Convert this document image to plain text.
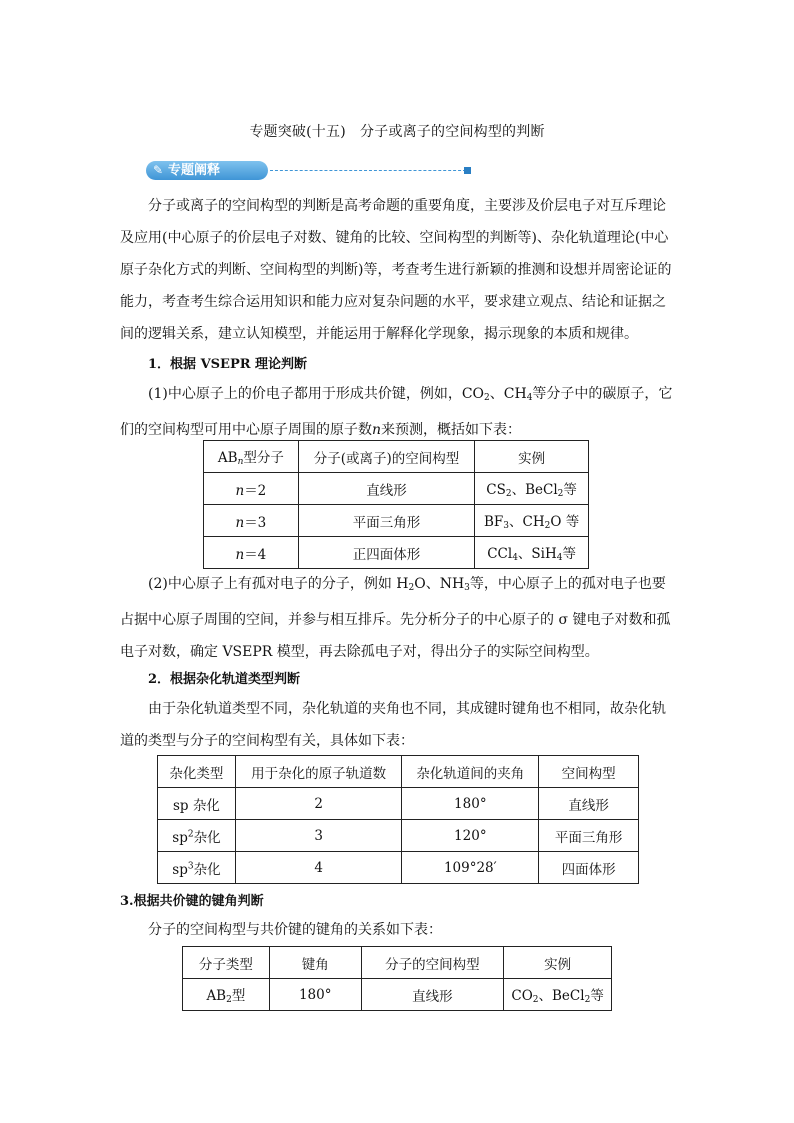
专题突破(十五)　分子或离子的空间构型的判断
✎ 专题阐释

分子或离子的空间构型的判断是高考命题的重要角度，主要涉及价层电子对互斥理论及应用(中心原子的价层电子对数、键角的比较、空间构型的判断等)、杂化轨道理论(中心原子杂化方式的判断、空间构型的判断)等，考查考生进行新颖的推测和设想并周密论证的能力，考查考生综合运用知识和能力应对复杂问题的水平，要求建立观点、结论和证据之间的逻辑关系，建立认知模型，并能运用于解释化学现象，揭示现象的本质和规律。

1．根据 VSEPR 理论判断

(1)中心原子上的价电子都用于形成共价键，例如，$CO_2$、$CH_4$等分子中的碳原子，它们的空间构型可用中心原子周围的原子数n来预测，概括如下表：

$AB_n$型分子	分子(或离子)的空间构型	实例
n＝2	直线形	$CS_2$、BeCl$_2$等
n＝3	平面三角形	$BF_3$、$CH_2O$ 等
n＝4	正四面体形	CCl$_4$、SiH$_4$等

(2)中心原子上有孤对电子的分子，例如 $H_2O$、$NH_3$等，中心原子上的孤对电子也要占据中心原子周围的空间，并参与相互排斥。先分析分子的中心原子的 σ 键电子对数和孤电子对数，确定 VSEPR 模型，再去除孤电子对，得出分子的实际空间构型。

2．根据杂化轨道类型判断

由于杂化轨道类型不同，杂化轨道的夹角也不同，其成键时键角也不相同，故杂化轨道的类型与分子的空间构型有关，具体如下表：

杂化类型	用于杂化的原子轨道数	杂化轨道间的夹角	空间构型
sp 杂化	2	180°	直线形
$sp^2$杂化	3	120°	平面三角形
$sp^3$杂化	4	109°28′	四面体形
3.根据共价键的键角判断

分子的空间构型与共价键的键角的关系如下表：

分子类型	键角	分子的空间构型	实例
$AB_2$型	180°	直线形	$CO_2$、BeCl$_2$等
